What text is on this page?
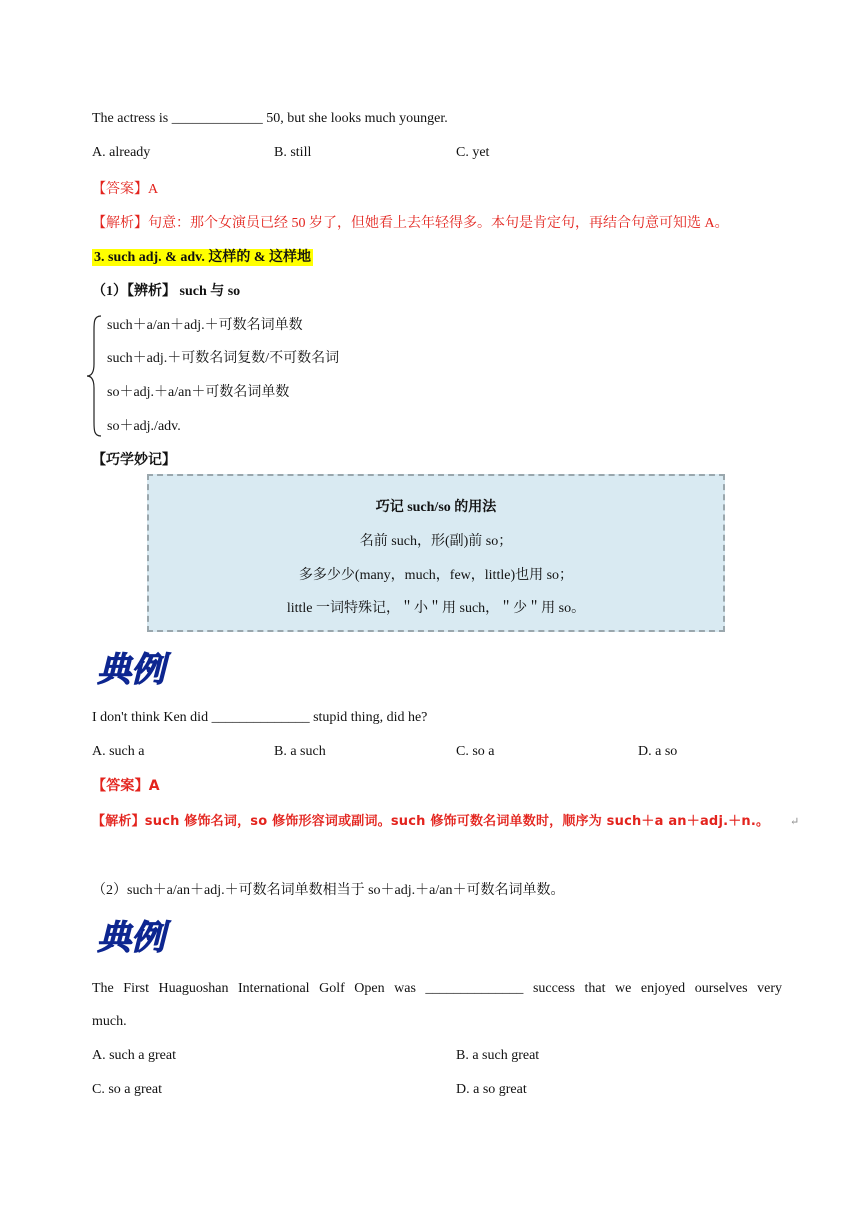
The actress is _____________ 50, but she looks much younger.
A. already	B. still	C. yet
【答案】A
【解析】句意：那个女演员已经 50 岁了，但她看上去年轻得多。本句是肯定句，再结合句意可知选 A。
3. such adj. & adv. 这样的 & 这样地
（1）【辨析】 such 与 so
such＋a/an＋adj.＋可数名词单数
such＋adj.＋可数名词复数/不可数名词
so＋adj.＋a/an＋可数名词单数
so＋adj./adv.
【巧学妙记】
巧记 such/so 的用法
名前 such，形(副)前 so；
多多少少(many，much，few，little)也用 so；
little 一词特殊记，＂小＂用 such，＂少＂用 so。
典例
I don't think Ken did ______________ stupid thing, did he?
A. such a	B. a such	C. so a	D. a so
【答案】A
【解析】such 修饰名词，so 修饰形容词或副词。such 修饰可数名词单数时，顺序为 such＋a an＋adj.＋n.。 ↵
（2）such＋a/an＋adj.＋可数名词单数相当于 so＋adj.＋a/an＋可数名词单数。
典例
The First Huaguoshan International Golf Open was ______________ success that we enjoyed ourselves very
much.
A. such a great	B. a such great
C. so a great	D. a so great
